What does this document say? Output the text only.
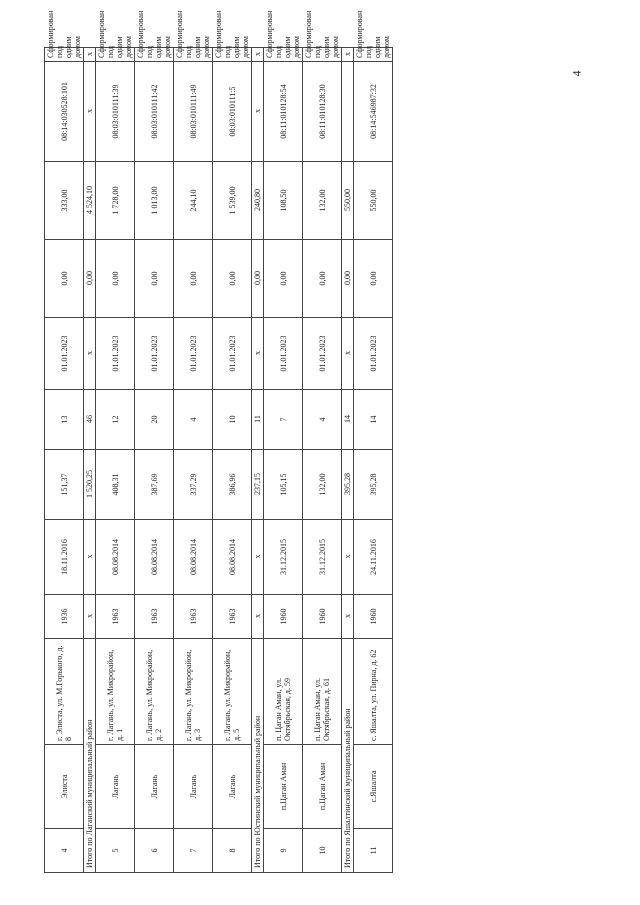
4
4	Элиста	г. Элиста, ул. М.Горького, д. 8	1936	18.11.2016	151,37	13	01.01.2023	0,00	333,00	08:14:030528:101	Сформирован под одним домом	
Итого по Лаганский муниципальный район			x	x	1 520,25	46	x	0,00	4 524,10	x	x	
5	Лагань	г. Лагань, ул. Микрорайон, д. 1	1963	08.08.2014	408,31	12	01.01.2023	0,00	1 728,00	08:03:010111:39	Сформирован под одним домом	
6	Лагань	г. Лагань, ул. Микрорайон, д. 2	1963	08.08.2014	387,69	20	01.01.2023	0,00	1 013,00	08:03:010111:42	Сформирован под одним домом	
7	Лагань	г. Лагань, ул. Микрорайон, д. 3	1963	08.08.2014	337,29	4	01.01.2023	0,00	244,10	08:03:010111:49	Сформирован под одним домом	
8	Лагань	г. Лагань, ул. Микрорайон, д. 5	1963	08.08.2014	386,96	10	01.01.2023	0,00	1 539,00	08:03:010111:5	Сформирован под одним домом	
Итого по Юстинский муниципальный район			x	x	237,15	11	x	0,00	240,80	x	x	
9	п.Цаган Аман	п. Цаган Аман, ул. Октябрьская, д. 59	1960	31.12.2015	105,15	7	01.01.2023	0,00	108,50	08:11:010128:54	Сформирован под одним домом	
10	п.Цаган Аман	п. Цаган Аман, ул. Октябрьская, д. 61	1960	31.12.2015	132,00	4	01.01.2023	0,00	132,00	08:11:010128:30	Сформирован под одним домом	
Итого по Яшалтинский муниципальный район			x	x	395,28	14	x	0,00	550,00		x	
11	с.Яшалта	с. Яшалта, ул. Пирна, д. 62	1960	24.11.2016	395,28	14	01.01.2023	0,00	550,00	08:14:546987:32	Сформирован под одним домом	
